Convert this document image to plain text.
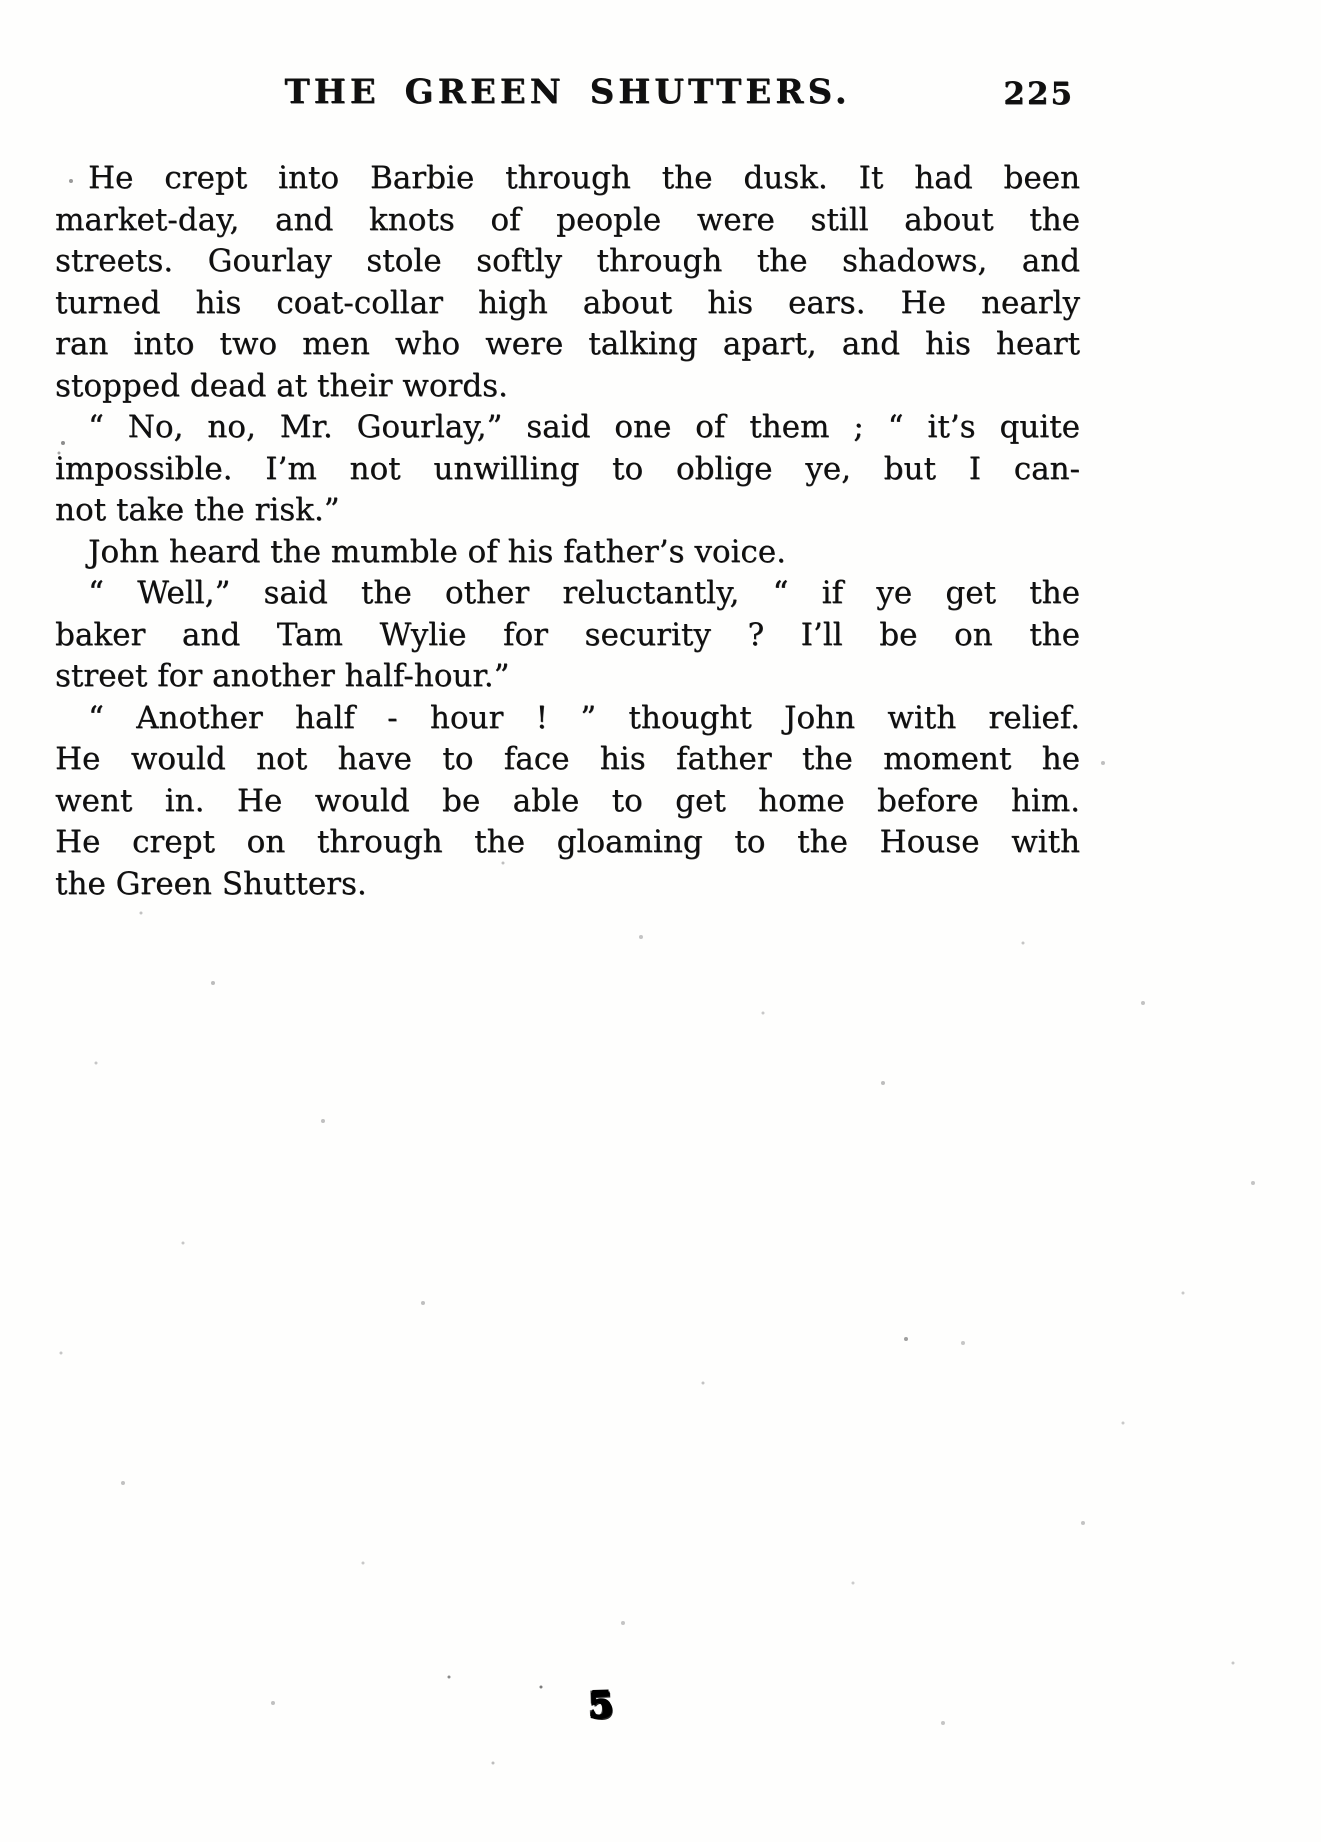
THE GREEN SHUTTERS.	225
He crept into Barbie through the dusk. It had been
market-day, and knots of people were still about the
streets. Gourlay stole softly through the shadows, and
turned his coat-collar high about his ears. He nearly
ran into two men who were talking apart, and his heart
stopped dead at their words.
“ No, no, Mr. Gourlay,” said one of them ; “ it’s quite
impossible. I’m not unwilling to oblige ye, but I can-
not take the risk.”
John heard the mumble of his father’s voice.
“ Well,” said the other reluctantly, “ if ye get the
baker and Tam Wylie for security ? I’ll be on the
street for another half-hour.”
“ Another half - hour ! ” thought John with relief.
He would not have to face his father the moment he
went in. He would be able to get home before him.
He crept on through the gloaming to the House with
the Green Shutters.
5
